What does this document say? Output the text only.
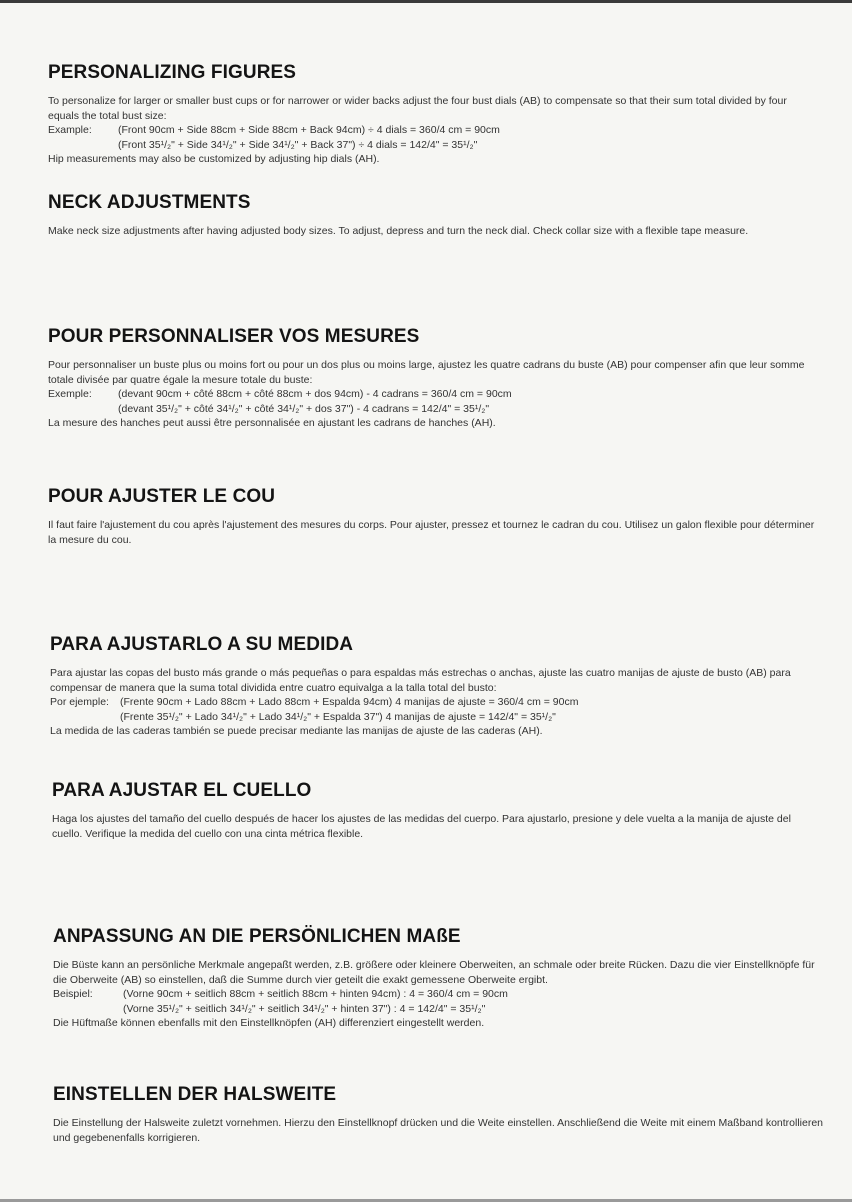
PERSONALIZING FIGURES

To personalize for larger or smaller bust cups or for narrower or wider backs adjust the four bust dials (AB) to compensate so that their sum total divided by four equals the total bust size:

Example:	(Front 90cm + Side 88cm + Side 88cm + Back 94cm) ÷ 4 dials = 360/4 cm = 90cm
(Front 35¹/₂" + Side 34¹/₂" + Side 34¹/₂" + Back 37") ÷ 4 dials = 142/4" = 35¹/₂"

Hip measurements may also be customized by adjusting hip dials (AH).

NECK ADJUSTMENTS

Make neck size adjustments after having adjusted body sizes. To adjust, depress and turn the neck dial. Check collar size with a flexible tape measure.

POUR PERSONNALISER VOS MESURES

Pour personnaliser un buste plus ou moins fort ou pour un dos plus ou moins large, ajustez les quatre cadrans du buste (AB) pour compenser afin que leur somme totale divisée par quatre égale la mesure totale du buste:

Exemple:	(devant 90cm + côté 88cm + côté 88cm + dos 94cm) - 4 cadrans = 360/4 cm = 90cm
(devant 35¹/₂" + côté 34¹/₂" + côté 34¹/₂" + dos 37") - 4 cadrans = 142/4" = 35¹/₂"

La mesure des hanches peut aussi être personnalisée en ajustant les cadrans de hanches (AH).

POUR AJUSTER LE COU

Il faut faire l'ajustement du cou après l'ajustement des mesures du corps. Pour ajuster, pressez et tournez le cadran du cou. Utilisez un galon flexible pour déterminer la mesure du cou.

PARA AJUSTARLO A SU MEDIDA

Para ajustar las copas del busto más grande o más pequeñas o para espaldas más estrechas o anchas, ajuste las cuatro manijas de ajuste de busto (AB) para compensar de manera que la suma total dividida entre cuatro equivalga a la talla total del busto:

Por ejemple:	(Frente 90cm + Lado 88cm + Lado 88cm + Espalda 94cm) 4 manijas de ajuste = 360/4 cm = 90cm
(Frente 35¹/₂" + Lado 34¹/₂" + Lado 34¹/₂" + Espalda 37") 4 manijas de ajuste = 142/4" = 35¹/₂"

La medida de las caderas también se puede precisar mediante las manijas de ajuste de las caderas (AH).

PARA AJUSTAR EL CUELLO

Haga los ajustes del tamaño del cuello después de hacer los ajustes de las medidas del cuerpo. Para ajustarlo, presione y dele vuelta a la manija de ajuste del cuello. Verifique la medida del cuello con una cinta métrica flexible.

ANPASSUNG AN DIE PERSÖNLICHEN MAßE

Die Büste kann an persönliche Merkmale angepaßt werden, z.B. größere oder kleinere Oberweiten, an schmale oder breite Rücken. Dazu die vier Einstellknöpfe für die Oberweite (AB) so einstellen, daß die Summe durch vier geteilt die exakt gemessene Oberweite ergibt.

Beispiel:	(Vorne 90cm + seitlich 88cm + seitlich 88cm + hinten 94cm) : 4 = 360/4 cm = 90cm
(Vorne 35¹/₂" + seitlich 34¹/₂" + seitlich 34¹/₂" + hinten 37") : 4 = 142/4" = 35¹/₂"

Die Hüftmaße können ebenfalls mit den Einstellknöpfen (AH) differenziert eingestellt werden.

EINSTELLEN DER HALSWEITE

Die Einstellung der Halsweite zuletzt vornehmen. Hierzu den Einstellknopf drücken und die Weite einstellen. Anschließend die Weite mit einem Maßband kontrollieren und gegebenenfalls korrigieren.
